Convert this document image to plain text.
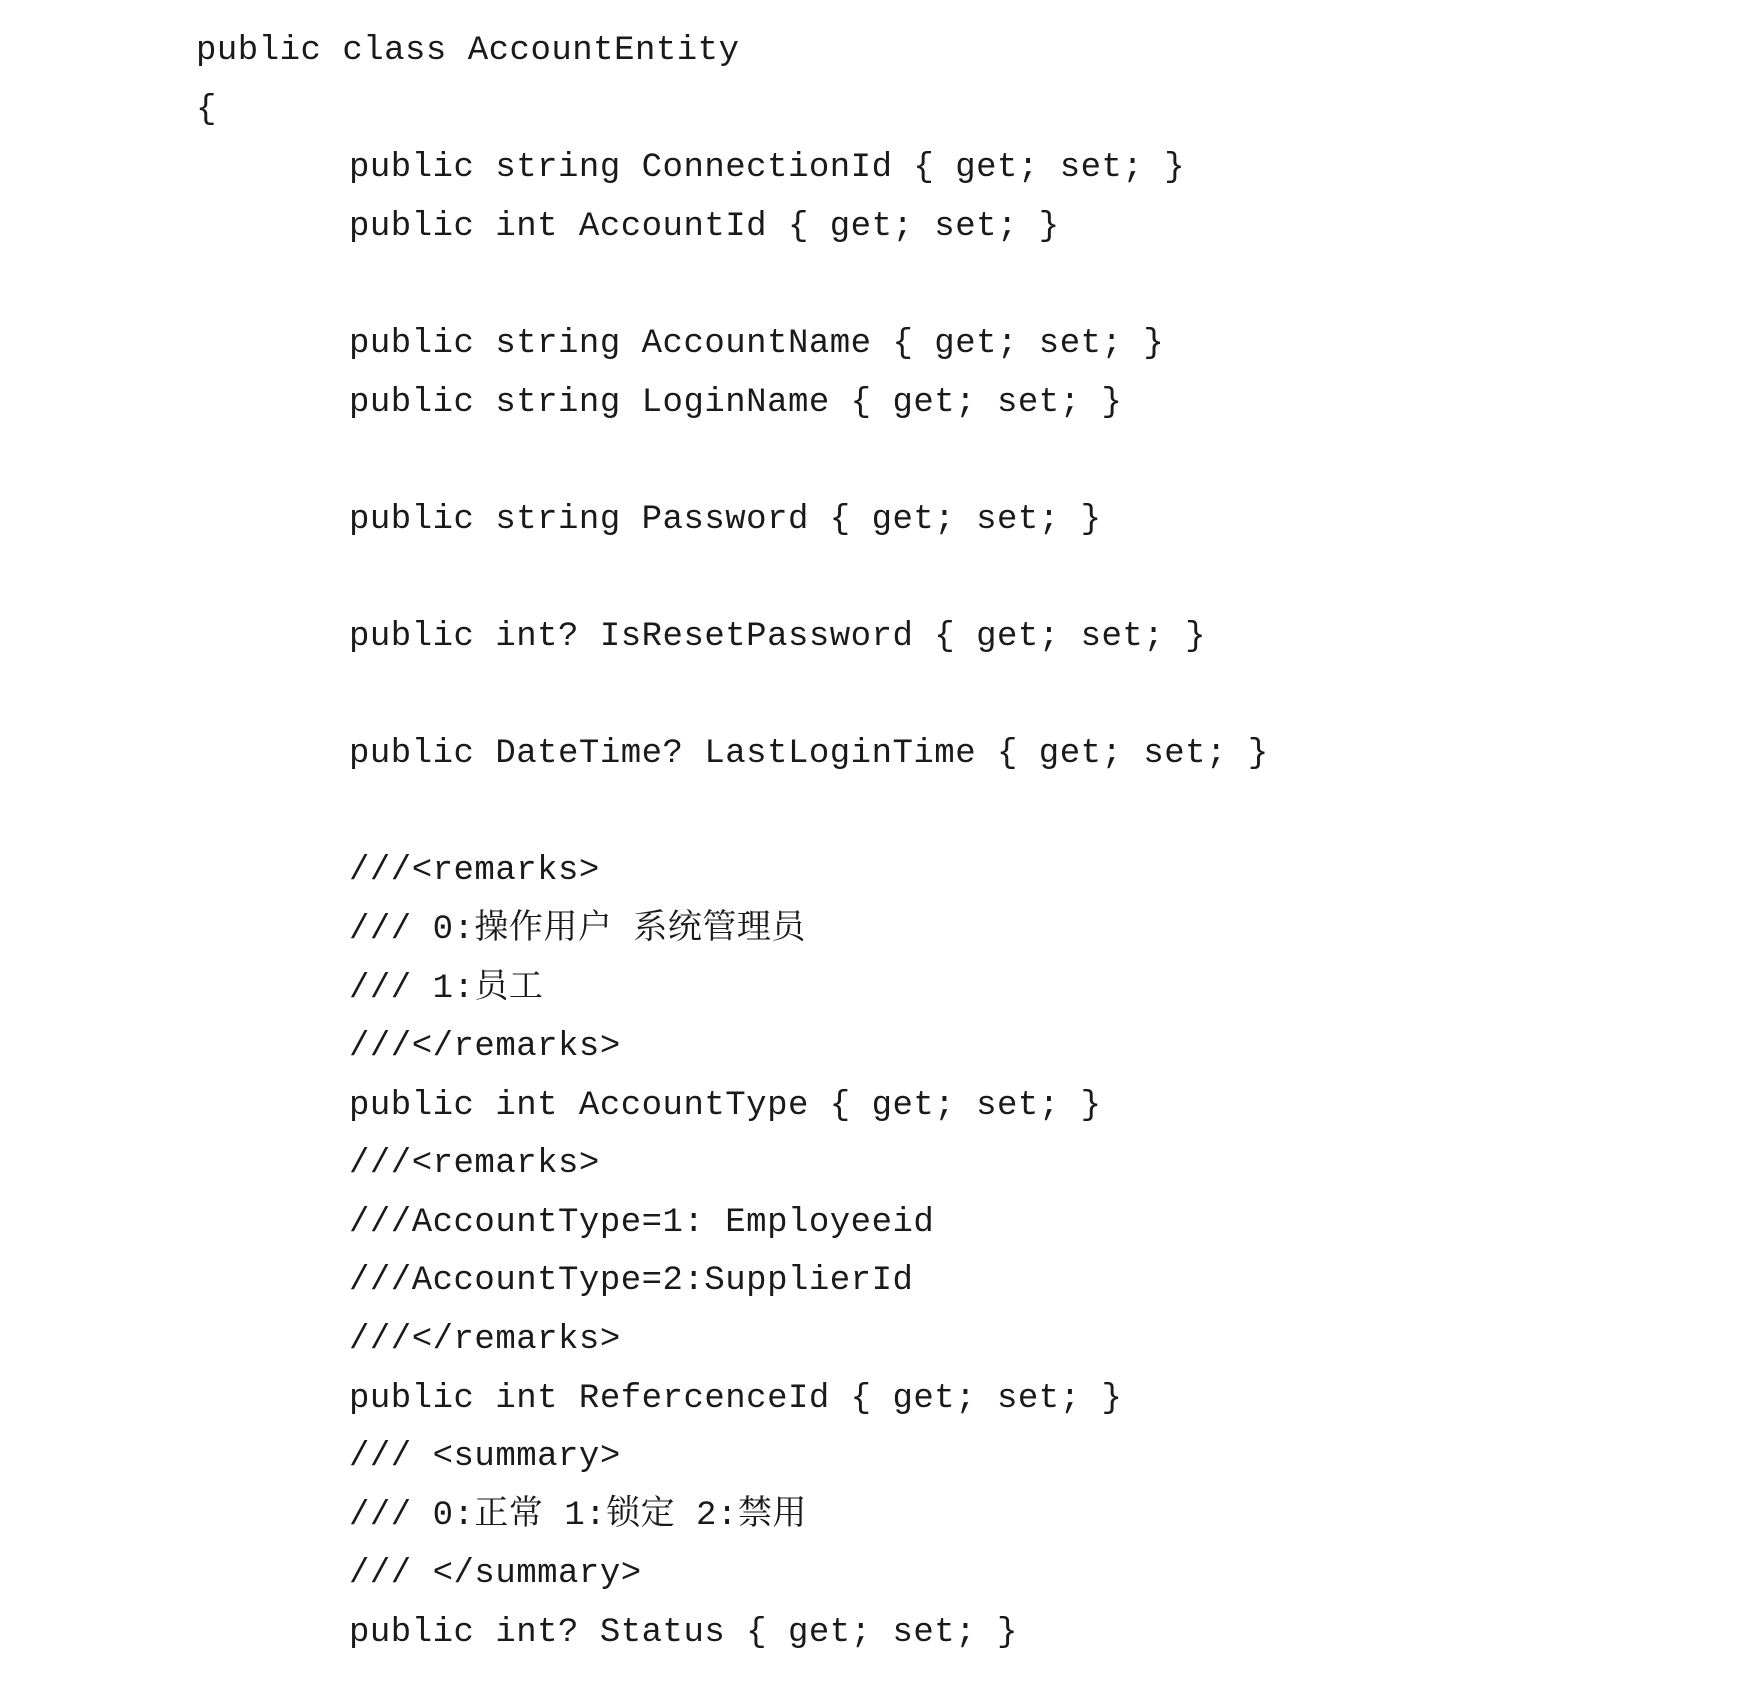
public class AccountEntity
{
public string ConnectionId { get; set; }
public int AccountId { get; set; }
public string AccountName { get; set; }
public string LoginName { get; set; }
public string Password { get; set; }
public int? IsResetPassword { get; set; }
public DateTime? LastLoginTime { get; set; }
///<remarks>
/// 0:操作用户 系统管理员
/// 1:员工
///</remarks>
public int AccountType { get; set; }
///<remarks>
///AccountType=1: Employeeid
///AccountType=2:SupplierId
///</remarks>
public int RefercenceId { get; set; }
/// <summary>
/// 0:正常 1:锁定 2:禁用
/// </summary>
public int? Status { get; set; }
